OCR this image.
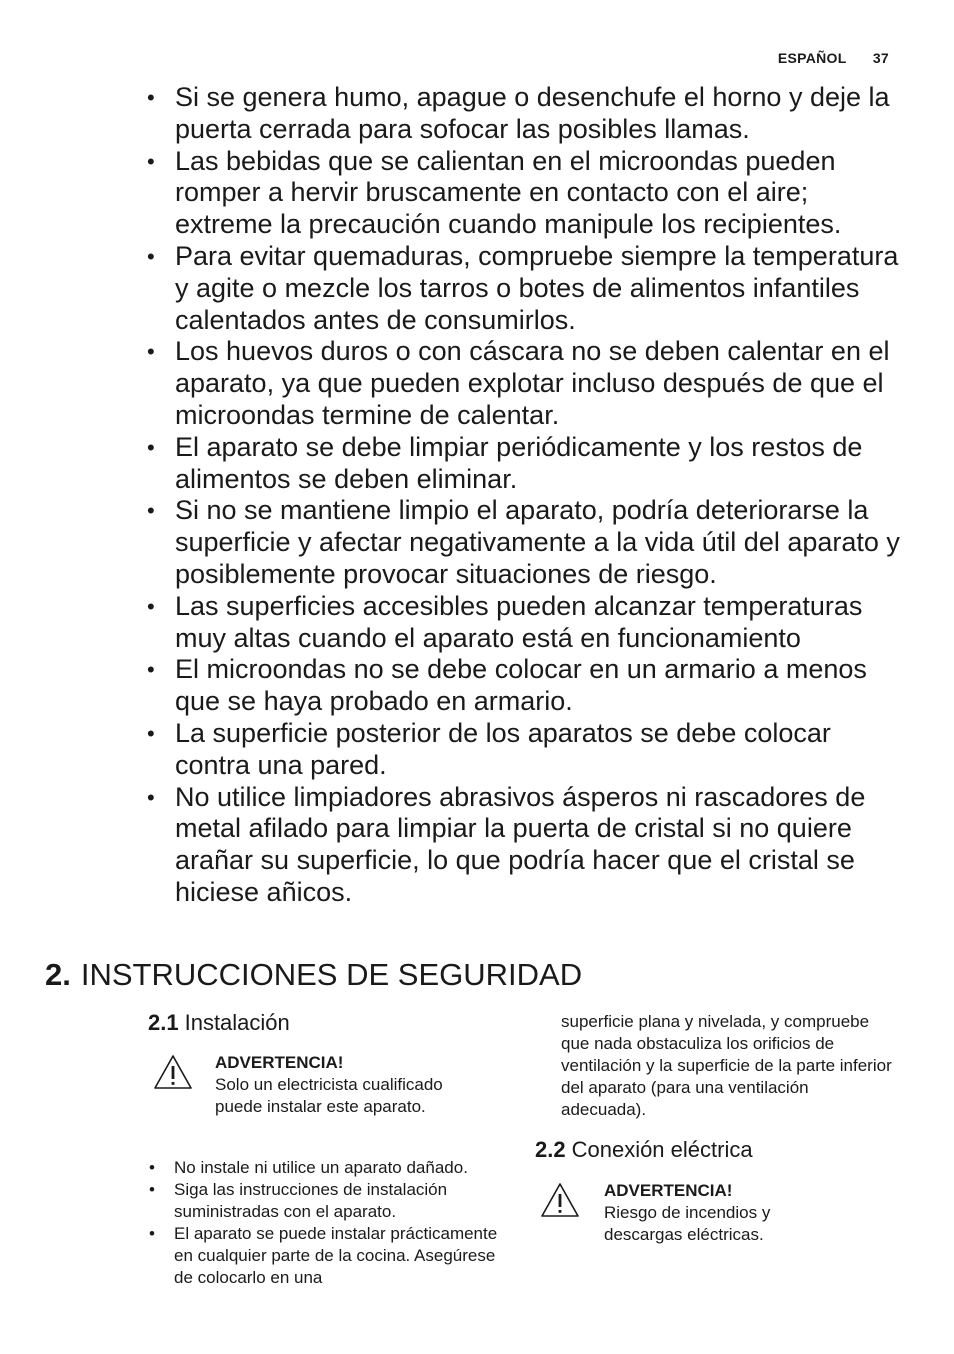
ESPAÑOL 37
• Si se genera humo, apague o desenchufe el horno y deje la puerta cerrada para sofocar las posibles llamas.
• Las bebidas que se calientan en el microondas pueden romper a hervir bruscamente en contacto con el aire; extreme la precaución cuando manipule los recipientes.
• Para evitar quemaduras, compruebe siempre la temperatura y agite o mezcle los tarros o botes de alimentos infantiles calentados antes de consumirlos.
• Los huevos duros o con cáscara no se deben calentar en el aparato, ya que pueden explotar incluso después de que el microondas termine de calentar.
• El aparato se debe limpiar periódicamente y los restos de alimentos se deben eliminar.
• Si no se mantiene limpio el aparato, podría deteriorarse la superficie y afectar negativamente a la vida útil del aparato y posiblemente provocar situaciones de riesgo.
• Las superficies accesibles pueden alcanzar temperaturas muy altas cuando el aparato está en funcionamiento
• El microondas no se debe colocar en un armario a menos que se haya probado en armario.
• La superficie posterior de los aparatos se debe colocar contra una pared.
• No utilice limpiadores abrasivos ásperos ni rascadores de metal afilado para limpiar la puerta de cristal si no quiere arañar su superficie, lo que podría hacer que el cristal se hiciese añicos.
2. INSTRUCCIONES DE SEGURIDAD
2.1 Instalación
ADVERTENCIA!
Solo un electricista cualificado puede instalar este aparato.
• No instale ni utilice un aparato dañado.
• Siga las instrucciones de instalación suministradas con el aparato.
• El aparato se puede instalar prácticamente en cualquier parte de la cocina. Asegúrese de colocarlo en una
superficie plana y nivelada, y compruebe que nada obstaculiza los orificios de ventilación y la superficie de la parte inferior del aparato (para una ventilación adecuada).
2.2 Conexión eléctrica
ADVERTENCIA!
Riesgo de incendios y descargas eléctricas.
